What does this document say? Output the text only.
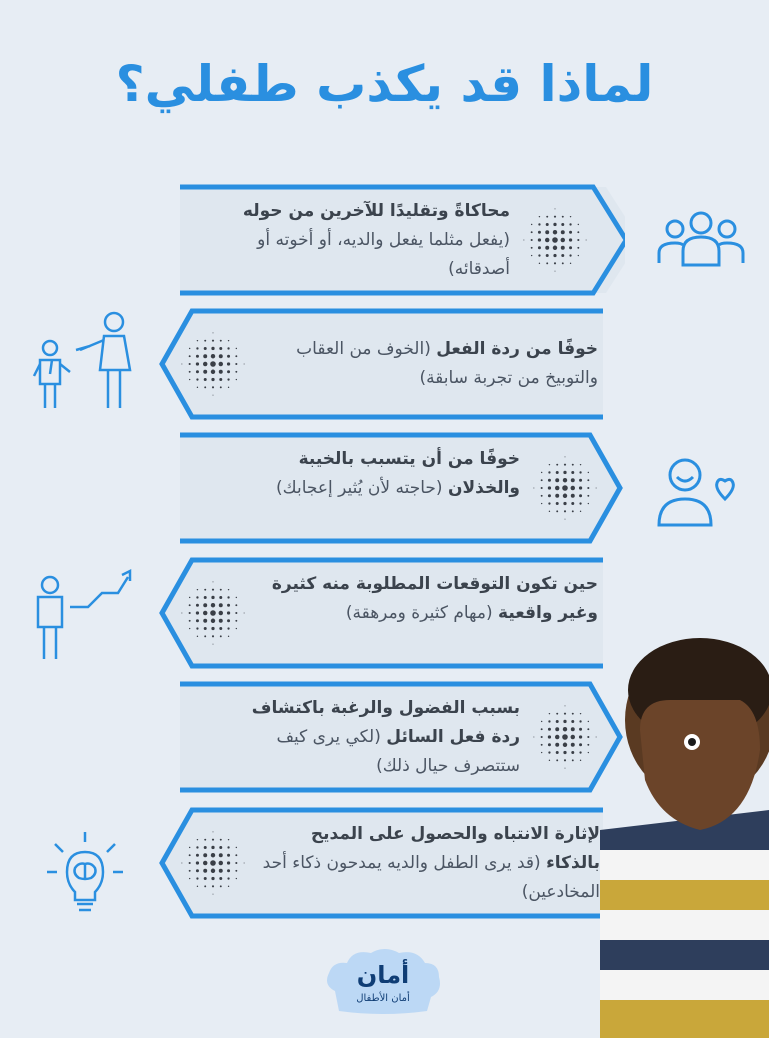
لماذا قد يكذب طفلي؟
محاكاةً وتقليدًا للآخرين من حوله (يفعل مثلما يفعل والديه، أو أخوته أو أصدقائه)
خوفًا من ردة الفعل (الخوف من العقاب والتوبيخ من تجربة سابقة)
خوفًا من أن يتسبب بالخيبة والخذلان (حاجته لأن يُثير إعجابك)
حين تكون التوقعات المطلوبة منه كثيرة وغير واقعية (مهام كثيرة ومرهقة)
بسبب الفضول والرغبة باكتشاف ردة فعل السائل (لكي يرى كيف ستتصرف حيال ذلك)
لإثارة الانتباه والحصول على المديح بالذكاء (قد يرى الطفل والديه يمدحون ذكاء أحد المخادعين)
أمان
أمان الأطفال
